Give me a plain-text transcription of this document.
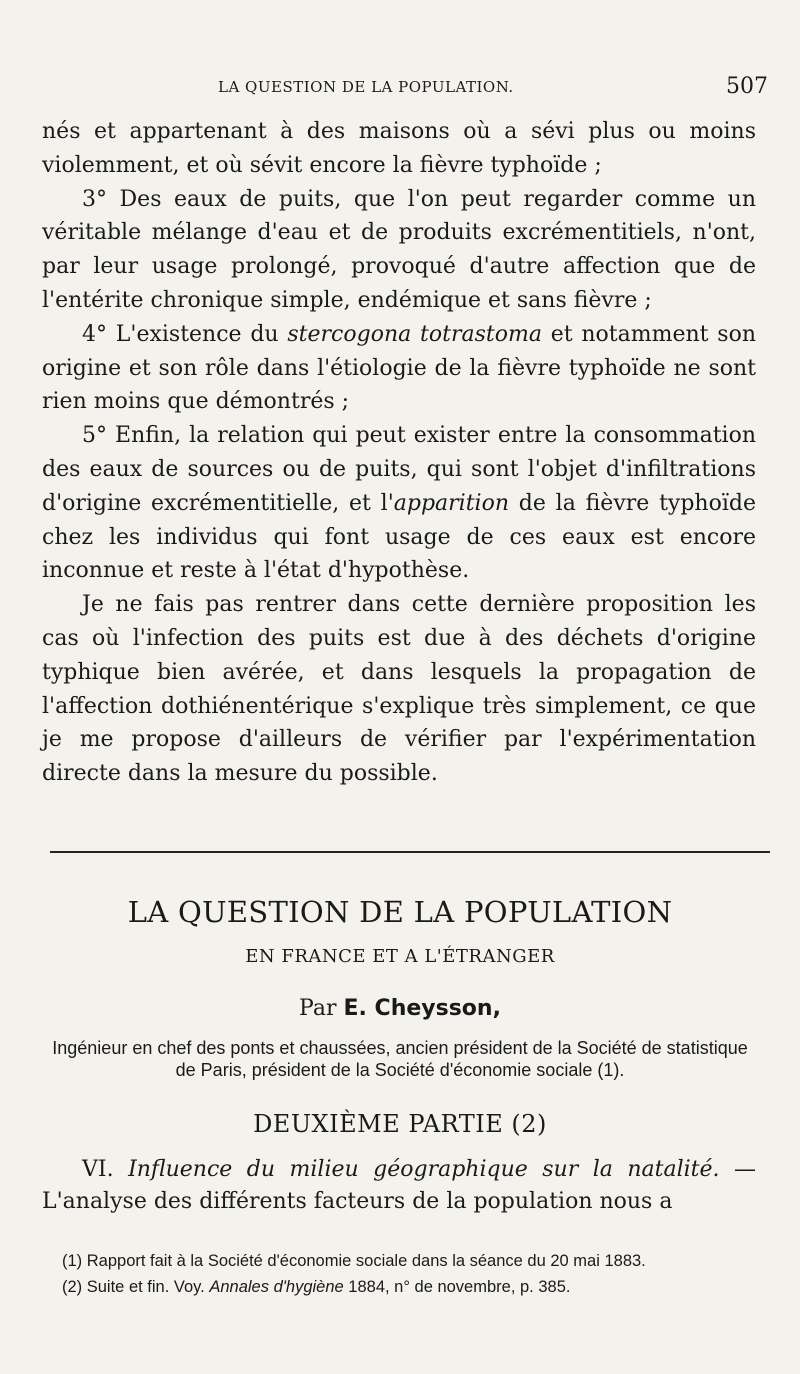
LA QUESTION DE LA POPULATION.	507

nés et appartenant à des maisons où a sévi plus ou moins violemment, et où sévit encore la fièvre typhoïde ;

3° Des eaux de puits, que l'on peut regarder comme un véritable mélange d'eau et de produits excrémentitiels, n'ont, par leur usage prolongé, provoqué d'autre affection que de l'entérite chronique simple, endémique et sans fièvre ;

4° L'existence du stercogona totrastoma et notamment son origine et son rôle dans l'étiologie de la fièvre typhoïde ne sont rien moins que démontrés ;

5° Enfin, la relation qui peut exister entre la consommation des eaux de sources ou de puits, qui sont l'objet d'infiltrations d'origine excrémentitielle, et l'apparition de la fièvre typhoïde chez les individus qui font usage de ces eaux est encore inconnue et reste à l'état d'hypothèse.

Je ne fais pas rentrer dans cette dernière proposition les cas où l'infection des puits est due à des déchets d'origine typhique bien avérée, et dans lesquels la propagation de l'affection dothiénentérique s'explique très simplement, ce que je me propose d'ailleurs de vérifier par l'expérimentation directe dans la mesure du possible.

LA QUESTION DE LA POPULATION
EN FRANCE ET A L'ÉTRANGER
Par E. Cheysson,
Ingénieur en chef des ponts et chaussées, ancien président de la Société de statistique de Paris, président de la Société d'économie sociale (1).
DEUXIÈME PARTIE (2)

VI. Influence du milieu géographique sur la natalité. — L'analyse des différents facteurs de la population nous a

(1) Rapport fait à la Société d'économie sociale dans la séance du 20 mai 1883.

(2) Suite et fin. Voy. Annales d'hygiène 1884, n° de novembre, p. 385.
